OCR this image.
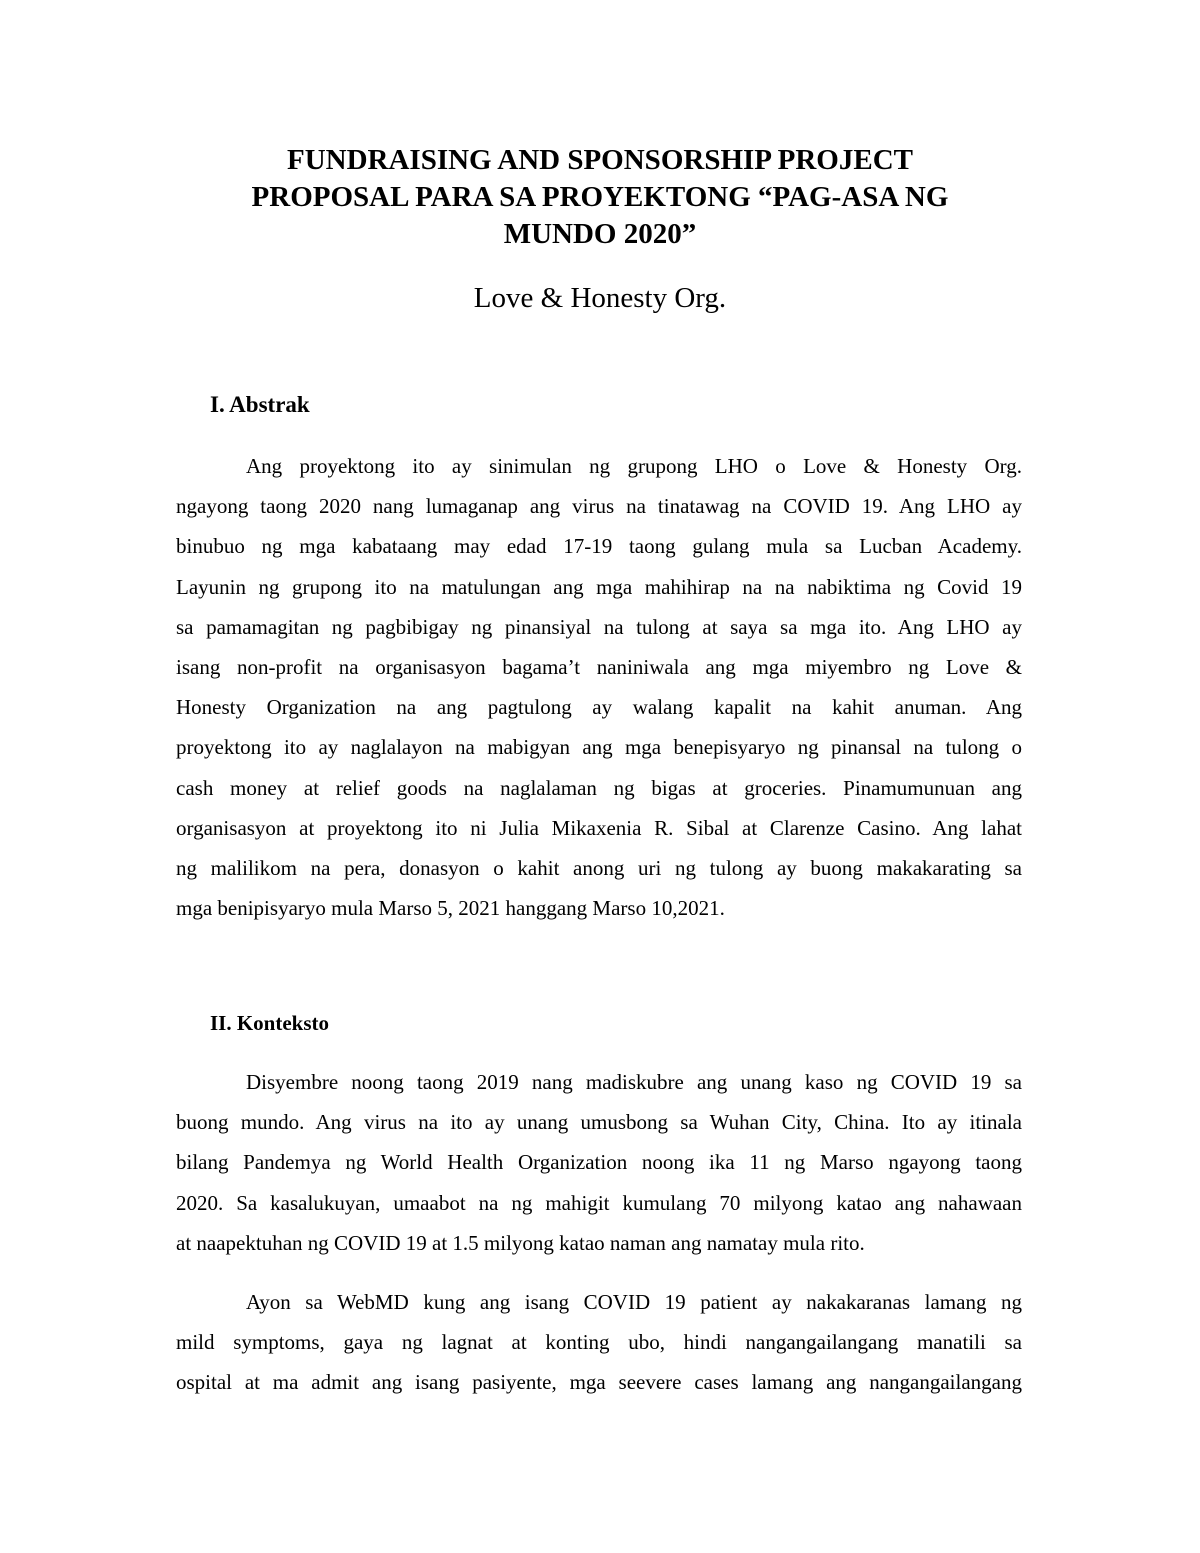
FUNDRAISING AND SPONSORSHIP PROJECT
PROPOSAL PARA SA PROYEKTONG “PAG-ASA NG
MUNDO 2020”

Love & Honesty Org.

I. Abstrak

Ang proyektong ito ay sinimulan ng grupong LHO o Love & Honesty Org.
ngayong taong 2020 nang lumaganap ang virus na tinatawag na COVID 19. Ang LHO ay
binubuo ng mga kabataang may edad 17-19 taong gulang mula sa Lucban Academy.
Layunin ng grupong ito na matulungan ang mga mahihirap na na nabiktima ng Covid 19
sa pamamagitan ng pagbibigay ng pinansiyal na tulong at saya sa mga ito. Ang LHO ay
isang non-profit na organisasyon bagama’t naniniwala ang mga miyembro ng Love &
Honesty Organization na ang pagtulong ay walang kapalit na kahit anuman. Ang
proyektong ito ay naglalayon na mabigyan ang mga benepisyaryo ng pinansal na tulong o
cash money at relief goods na naglalaman ng bigas at groceries. Pinamumunuan ang
organisasyon at proyektong ito ni Julia Mikaxenia R. Sibal at Clarenze Casino. Ang lahat
ng malilikom na pera, donasyon o kahit anong uri ng tulong ay buong makakarating sa
mga benipisyaryo mula Marso 5, 2021 hanggang Marso 10,2021.

II. Konteksto

Disyembre noong taong 2019 nang madiskubre ang unang kaso ng COVID 19 sa
buong mundo. Ang virus na ito ay unang umusbong sa Wuhan City, China. Ito ay itinala
bilang Pandemya ng World Health Organization noong ika 11 ng Marso ngayong taong
2020. Sa kasalukuyan, umaabot na ng mahigit kumulang 70 milyong katao ang nahawaan
at naapektuhan ng COVID 19 at 1.5 milyong katao naman ang namatay mula rito.

Ayon sa WebMD kung ang isang COVID 19 patient ay nakakaranas lamang ng
mild symptoms, gaya ng lagnat at konting ubo, hindi nangangailangang manatili sa
ospital at ma admit ang isang pasiyente, mga seevere cases lamang ang nangangailangang
